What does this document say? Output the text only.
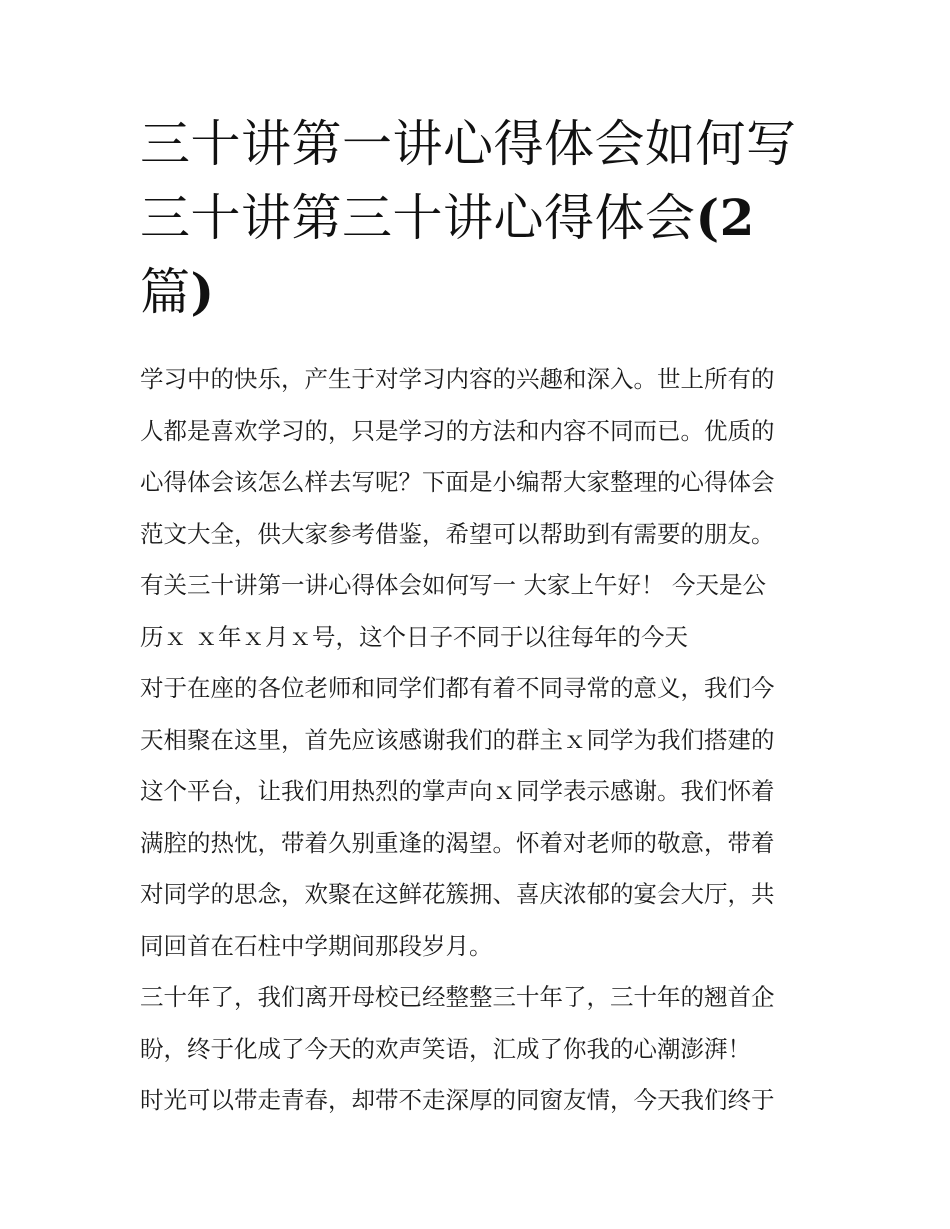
三十讲第一讲心得体会如何写
三十讲第三十讲心得体会(2
篇)
学习中的快乐，产生于对学习内容的兴趣和深入。世上所有的
人都是喜欢学习的，只是学习的方法和内容不同而已。优质的
心得体会该怎么样去写呢？下面是小编帮大家整理的心得体会
范文大全，供大家参考借鉴，希望可以帮助到有需要的朋友。
有关三十讲第一讲心得体会如何写一 大家上午好！ 今天是公
历ｘ ｘ年ｘ月ｘ号，这个日子不同于以往每年的今天
对于在座的各位老师和同学们都有着不同寻常的意义，我们今
天相聚在这里，首先应该感谢我们的群主ｘ同学为我们搭建的
这个平台，让我们用热烈的掌声向ｘ同学表示感谢。我们怀着
满腔的热忱，带着久别重逢的渴望。怀着对老师的敬意，带着
对同学的思念，欢聚在这鲜花簇拥、喜庆浓郁的宴会大厅，共
同回首在石柱中学期间那段岁月。
三十年了，我们离开母校已经整整三十年了，三十年的翘首企
盼，终于化成了今天的欢声笑语，汇成了你我的心潮澎湃！
时光可以带走青春，却带不走深厚的同窗友情，今天我们终于
